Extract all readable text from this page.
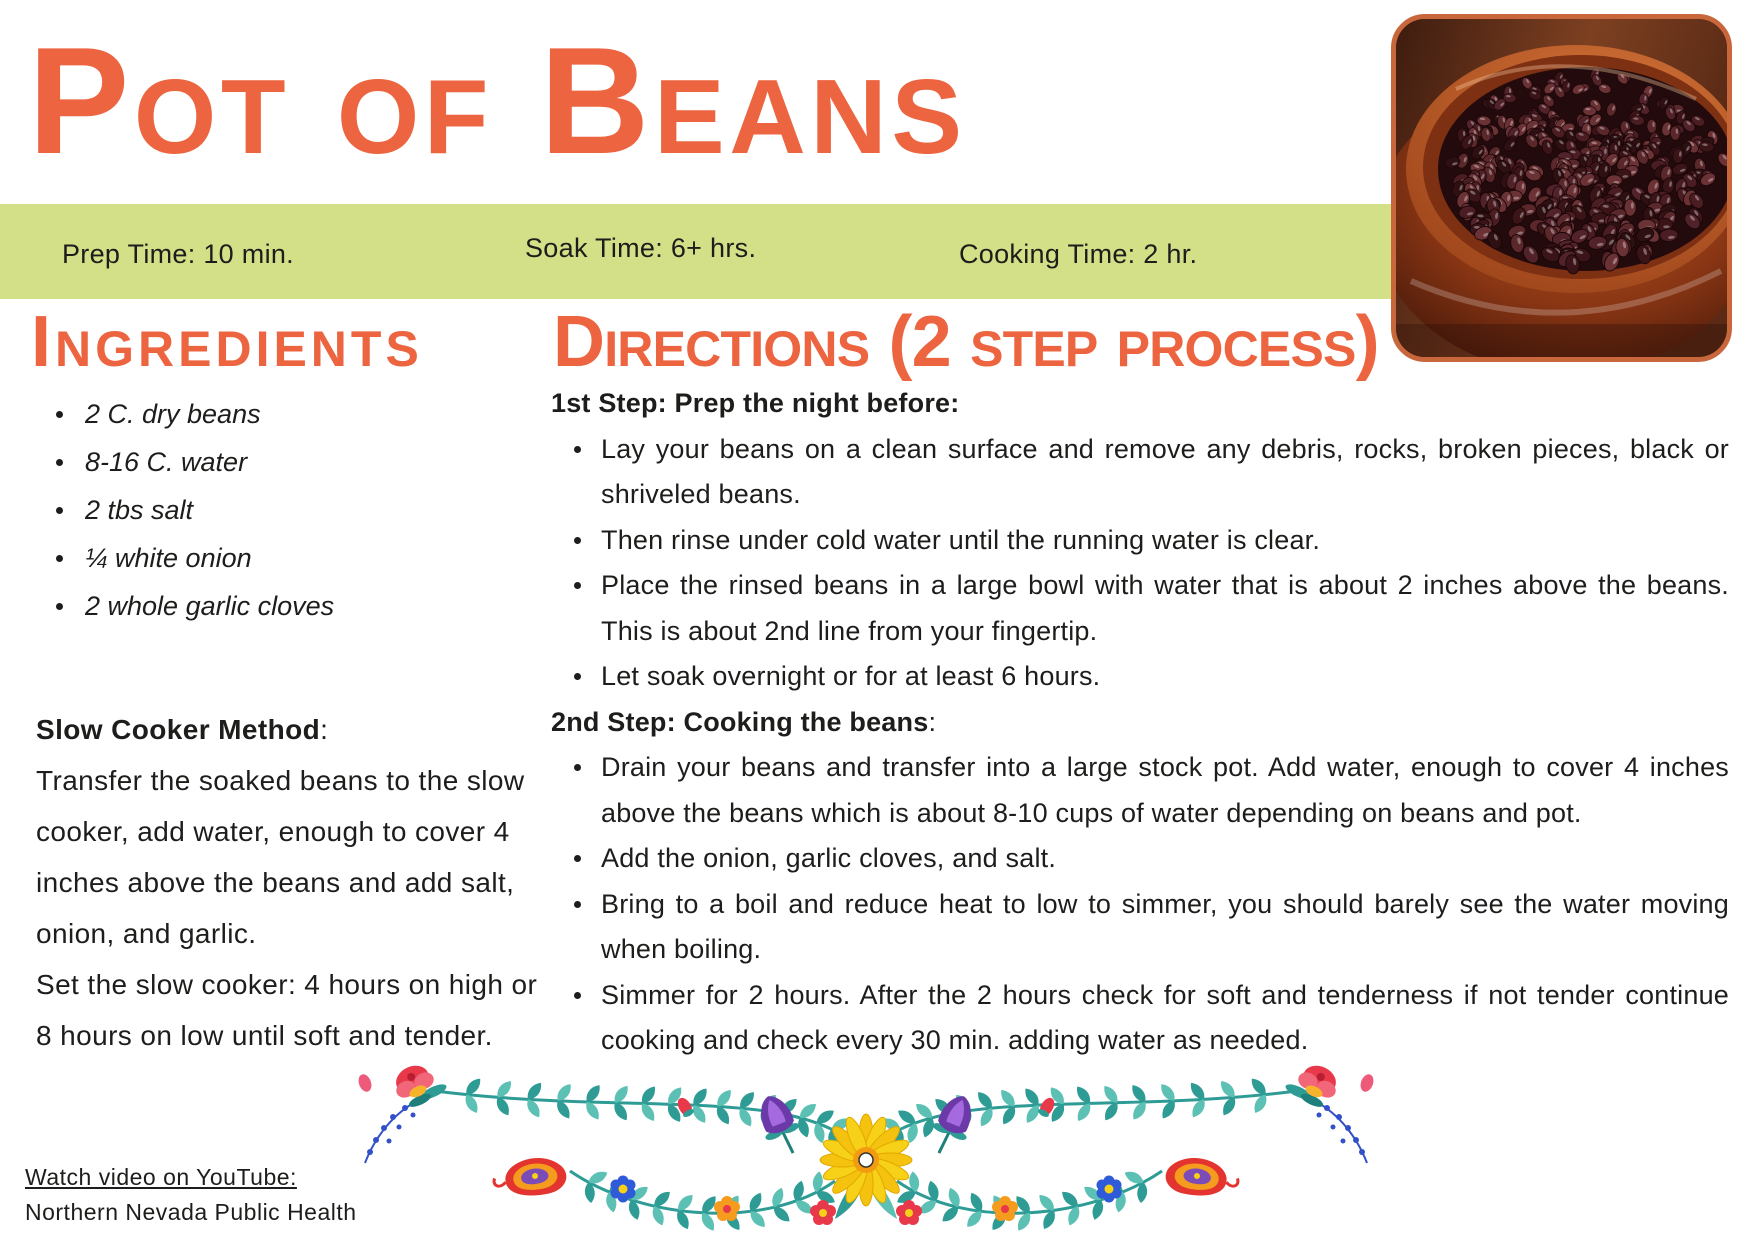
Pot of Beans
Prep Time: 10 min.	Soak Time: 6+ hrs.	Cooking Time: 2 hr.
Ingredients Directions (2 step process)
2 C. dry beans
8-16 C. water
2 tbs salt
¼ white onion
2 whole garlic cloves
Slow Cooker Method:

Transfer the soaked beans to the slow cooker, add water, enough to cover 4 inches above the beans and add salt, onion, and garlic.

Set the slow cooker: 4 hours on high or 8 hours on low until soft and tender.

1st Step: Prep the night before:
Lay your beans on a clean surface and remove any debris, rocks, broken pieces, black or shriveled beans.
Then rinse under cold water until the running water is clear.
Place the rinsed beans in a large bowl with water that is about 2 inches above the beans. This is about 2nd line from your fingertip.
Let soak overnight or for at least 6 hours.
2nd Step: Cooking the beans:
Drain your beans and transfer into a large stock pot. Add water, enough to cover 4 inches above the beans which is about 8-10 cups of water depending on beans and pot.
Add the onion, garlic cloves, and salt.
Bring to a boil and reduce heat to low to simmer, you should barely see the water moving when boiling.
Simmer for 2 hours. After the 2 hours check for soft and tenderness if not tender continue cooking and check every 30 min. adding water as needed.
Watch video on YouTube:
Northern Nevada Public Health
